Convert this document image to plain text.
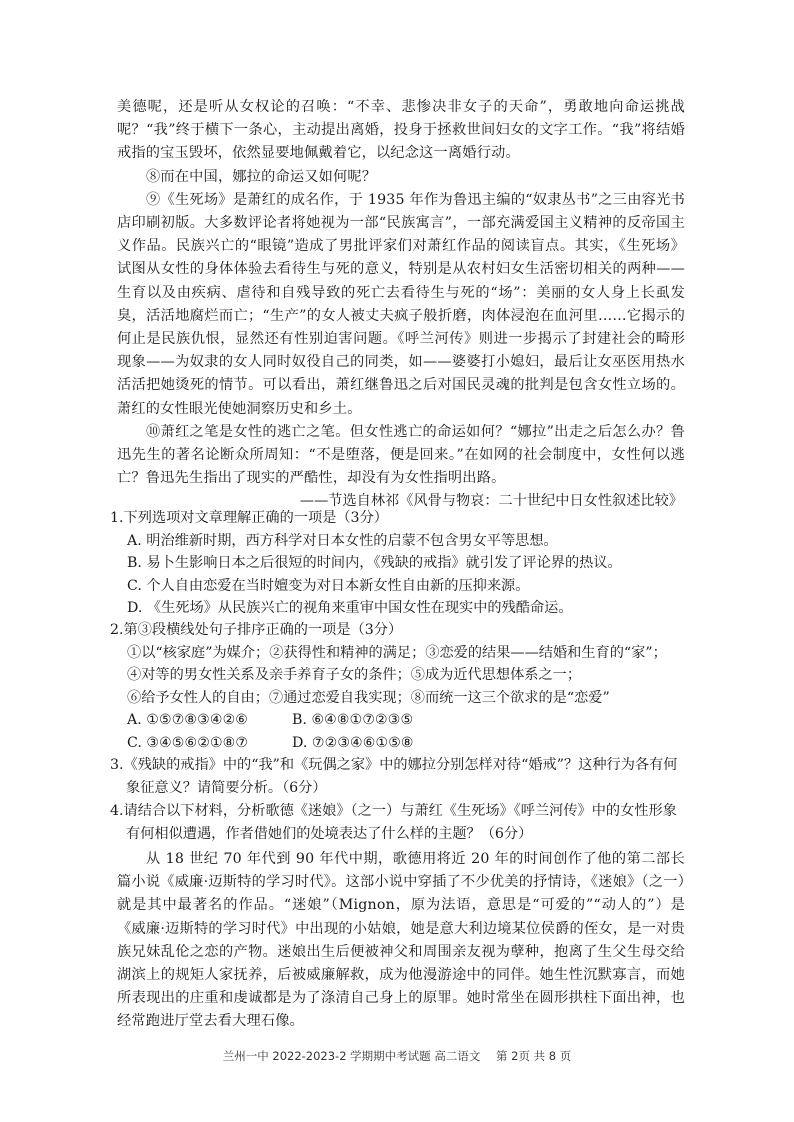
美德呢，还是听从女权论的召唤：“不幸、悲惨决非女子的天命”，勇敢地向命运挑战呢？“我”终于横下一条心，主动提出离婚，投身于拯救世间妇女的文字工作。“我”将结婚戒指的宝玉毁坏，依然显要地佩戴着它，以纪念这一离婚行动。

⑧而在中国，娜拉的命运又如何呢？

⑨《生死场》是萧红的成名作，于 1935 年作为鲁迅主编的“奴隶丛书”之三由容光书店印刷初版。大多数评论者将她视为一部“民族寓言”，一部充满爱国主义精神的反帝国主义作品。民族兴亡的“眼镜”造成了男批评家们对萧红作品的阅读盲点。其实，《生死场》试图从女性的身体体验去看待生与死的意义，特别是从农村妇女生活密切相关的两种——生育以及由疾病、虐待和自残导致的死亡去看待生与死的“场”：美丽的女人身上长虱发臭，活活地腐烂而亡；“生产”的女人被丈夫疯子般折磨，肉体浸泡在血河里……它揭示的何止是民族仇恨，显然还有性别迫害问题。《呼兰河传》则进一步揭示了封建社会的畸形现象——为奴隶的女人同时奴役自己的同类，如——婆婆打小媳妇，最后让女巫医用热水活活把她烫死的情节。可以看出，萧红继鲁迅之后对国民灵魂的批判是包含女性立场的。萧红的女性眼光使她洞察历史和乡土。

⑩萧红之笔是女性的逃亡之笔。但女性逃亡的命运如何？“娜拉”出走之后怎么办？鲁迅先生的著名论断众所周知：“不是堕落，便是回来。”在如网的社会制度中，女性何以逃亡？鲁迅先生指出了现实的严酷性，却没有为女性指明出路。

——节选自林祁《风骨与物哀：二十世纪中日女性叙述比较》

1.下列选项对文章理解正确的一项是（3分）

A. 明治维新时期，西方科学对日本女性的启蒙不包含男女平等思想。

B. 易卜生影响日本之后很短的时间内，《残缺的戒指》就引发了评论界的热议。

C. 个人自由恋爱在当时嬗变为对日本新女性自由新的压抑来源。

D. 《生死场》从民族兴亡的视角来重审中国女性在现实中的残酷命运。

2.第③段横线处句子排序正确的一项是（3分）

①以“核家庭”为媒介；②获得性和精神的满足；③恋爱的结果——结婚和生育的“家”；

④对等的男女性关系及亲手养育子女的条件；⑤成为近代思想体系之一；

⑥给予女性人的自由；⑦通过恋爱自我实现；⑧而统一这三个欲求的是“恋爱”

A. ①⑤⑦⑧③④②⑥	B. ⑥④⑧①⑦②③⑤
C. ③④⑤⑥②①⑧⑦	D. ⑦②③④⑥①⑤⑧

3.《残缺的戒指》中的“我”和《玩偶之家》中的娜拉分别怎样对待“婚戒”？这种行为各有何象征意义？请简要分析。（6分）

4.请结合以下材料，分析歌德《迷娘》（之一）与萧红《生死场》《呼兰河传》中的女性形象有何相似遭遇，作者借她们的处境表达了什么样的主题？（6分）

从 18 世纪 70 年代到 90 年代中期，歌德用将近 20 年的时间创作了他的第二部长篇小说《威廉·迈斯特的学习时代》。这部小说中穿插了不少优美的抒情诗，《迷娘》（之一）就是其中最著名的作品。“迷娘”（Mignon，原为法语，意思是“可爱的”“动人的”）是《威廉·迈斯特的学习时代》中出现的小姑娘，她是意大利边境某位侯爵的侄女，是一对贵族兄妹乱伦之恋的产物。迷娘出生后便被神父和周围亲友视为孽种，抱离了生父生母交给湖滨上的规矩人家抚养，后被威廉解救，成为他漫游途中的同伴。她生性沉默寡言，而她所表现出的庄重和虔诚都是为了涤清自己身上的原罪。她时常坐在圆形拱柱下面出神，也经常跑进厅堂去看大理石像。

兰州一中 2022-2023-2 学期期中考试题 高二语文 第 2页 共 8 页
